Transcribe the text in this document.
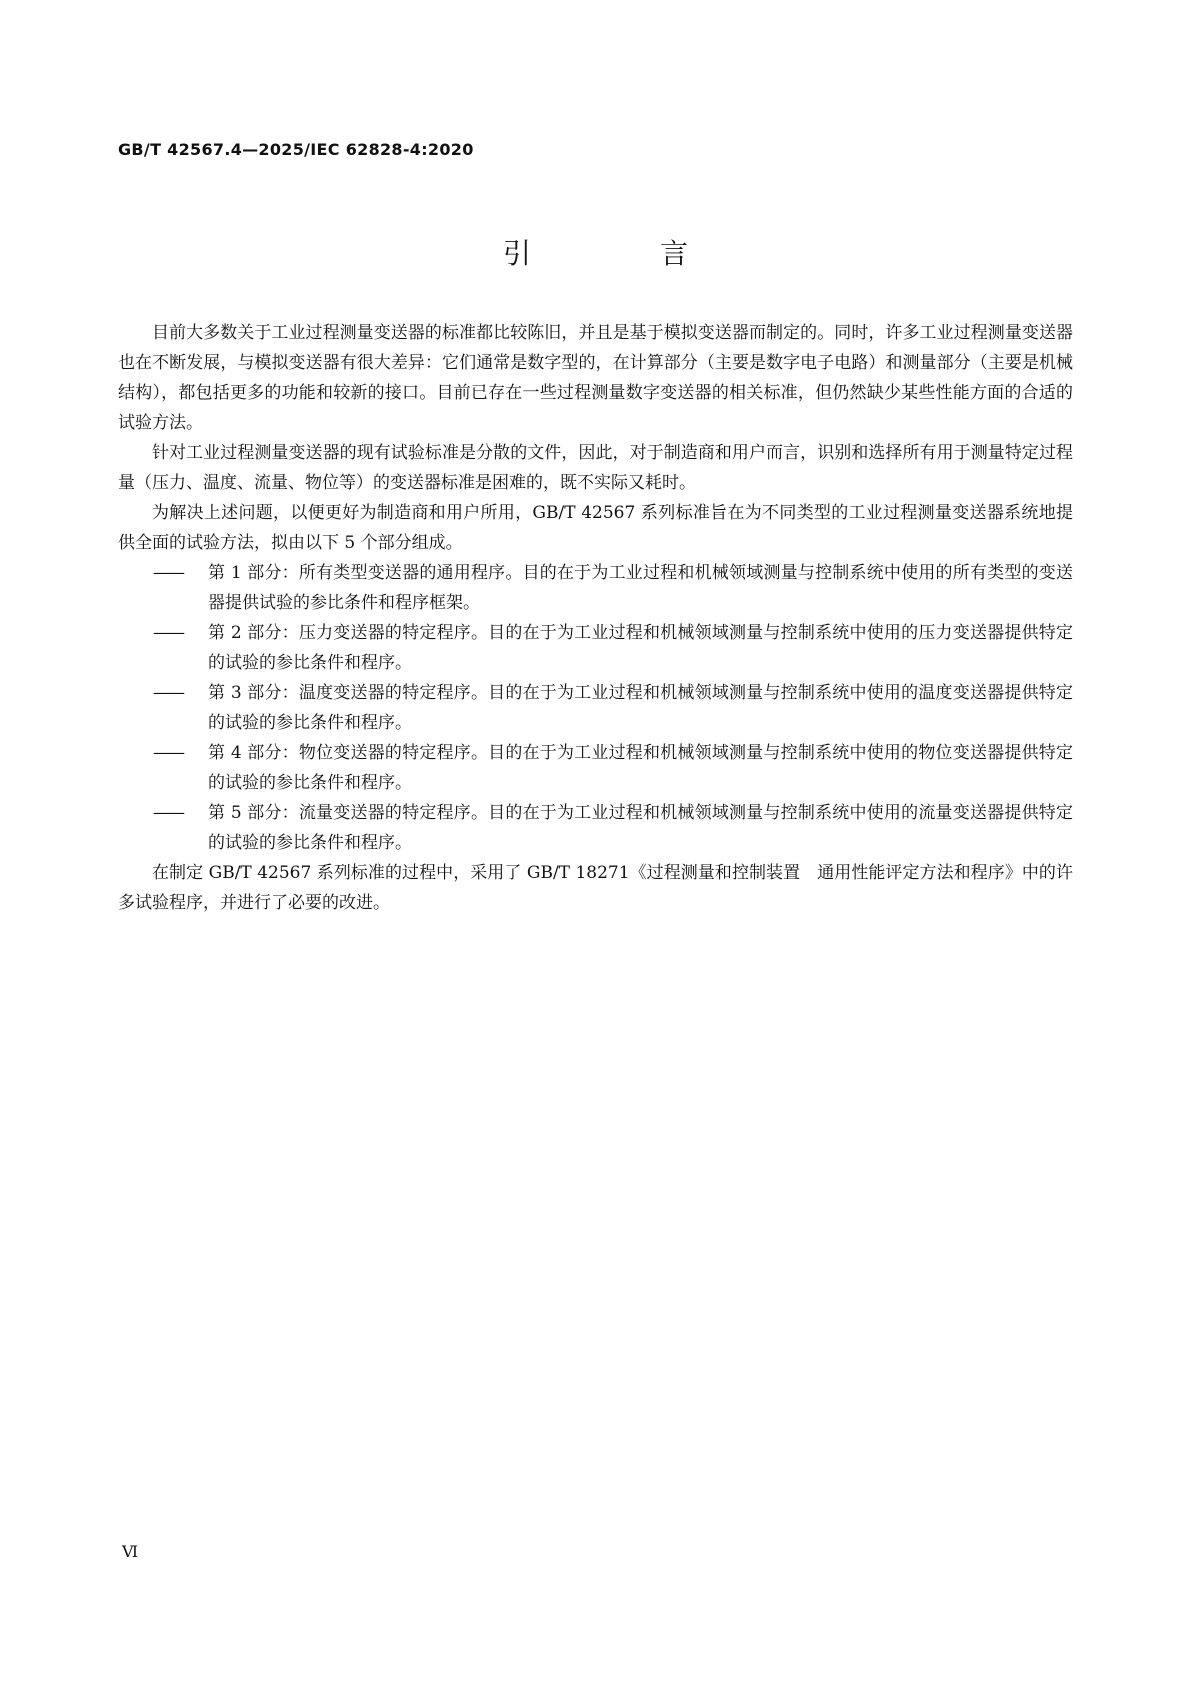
GB/T 42567.4—2025/IEC 62828-4:2020
引 言

目前大多数关于工业过程测量变送器的标准都比较陈旧，并且是基于模拟变送器而制定的。同时，许多工业过程测量变送器也在不断发展，与模拟变送器有很大差异：它们通常是数字型的，在计算部分（主要是数字电子电路）和测量部分（主要是机械结构），都包括更多的功能和较新的接口。目前已存在一些过程测量数字变送器的相关标准，但仍然缺少某些性能方面的合适的试验方法。

针对工业过程测量变送器的现有试验标准是分散的文件，因此，对于制造商和用户而言，识别和选择所有用于测量特定过程量（压力、温度、流量、物位等）的变送器标准是困难的，既不实际又耗时。

为解决上述问题，以便更好为制造商和用户所用，GB/T 42567 系列标准旨在为不同类型的工业过程测量变送器系统地提供全面的试验方法，拟由以下 5 个部分组成。

——	第 1 部分：所有类型变送器的通用程序。目的在于为工业过程和机械领域测量与控制系统中使用的所有类型的变送器提供试验的参比条件和程序框架。
——	第 2 部分：压力变送器的特定程序。目的在于为工业过程和机械领域测量与控制系统中使用的压力变送器提供特定的试验的参比条件和程序。
——	第 3 部分：温度变送器的特定程序。目的在于为工业过程和机械领域测量与控制系统中使用的温度变送器提供特定的试验的参比条件和程序。
——	第 4 部分：物位变送器的特定程序。目的在于为工业过程和机械领域测量与控制系统中使用的物位变送器提供特定的试验的参比条件和程序。
——	第 5 部分：流量变送器的特定程序。目的在于为工业过程和机械领域测量与控制系统中使用的流量变送器提供特定的试验的参比条件和程序。

在制定 GB/T 42567 系列标准的过程中，采用了 GB/T 18271《过程测量和控制装置　通用性能评定方法和程序》中的许多试验程序，并进行了必要的改进。

Ⅵ
